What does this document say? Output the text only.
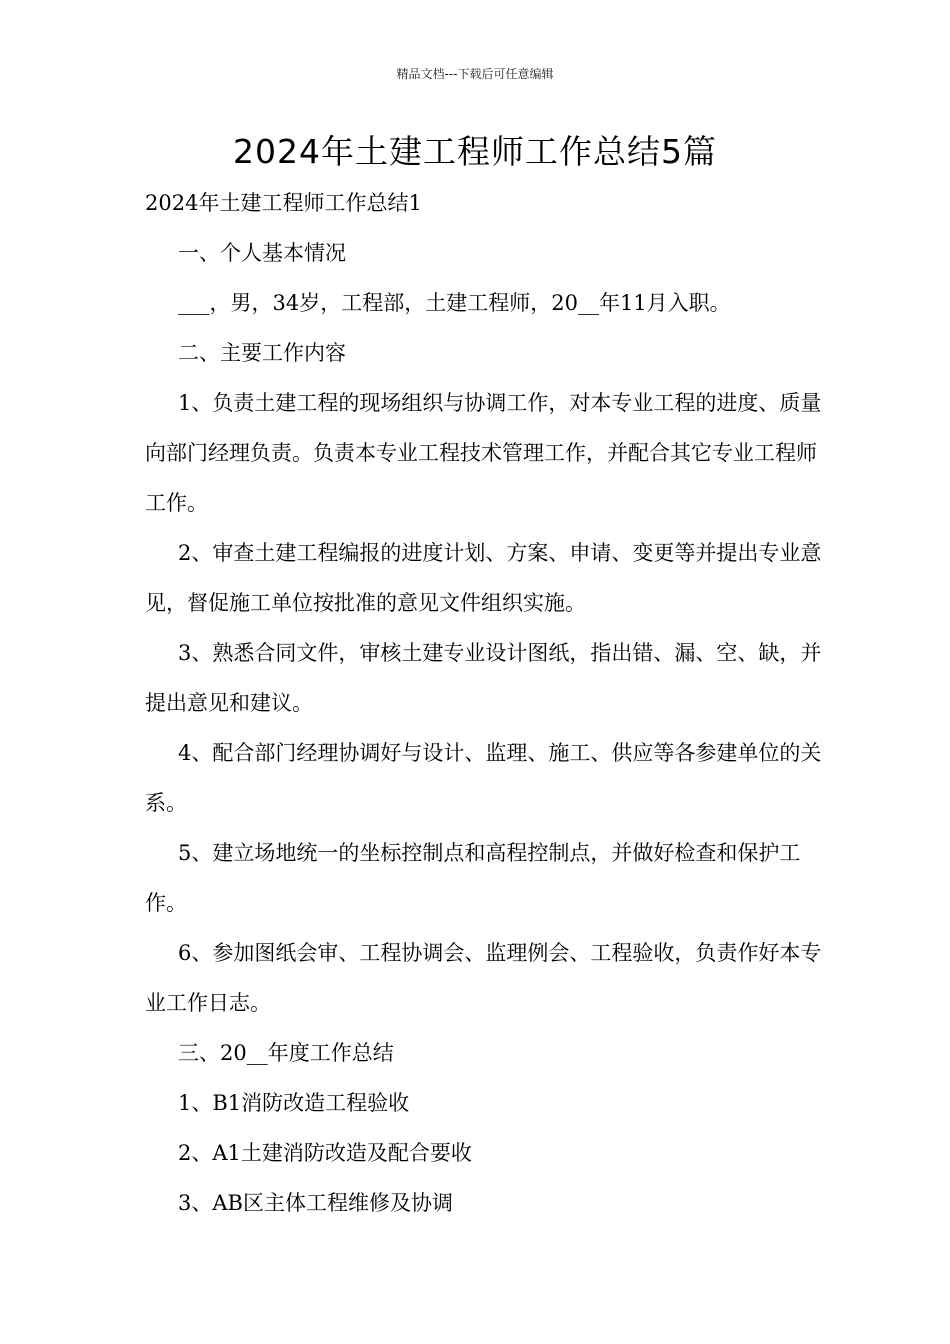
精品文档---下载后可任意编辑
2024年土建工程师工作总结5篇

2024年土建工程师工作总结1

一、个人基本情况

___，男，34岁，工程部，土建工程师，20__年11月入职。

二、主要工作内容

1、负责土建工程的现场组织与协调工作，对本专业工程的进度、质量向部门经理负责。负责本专业工程技术管理工作，并配合其它专业工程师工作。

2、审查土建工程编报的进度计划、方案、申请、变更等并提出专业意见，督促施工单位按批准的意见文件组织实施。

3、熟悉合同文件，审核土建专业设计图纸，指出错、漏、空、缺，并提出意见和建议。

4、配合部门经理协调好与设计、监理、施工、供应等各参建单位的关系。

5、建立场地统一的坐标控制点和高程控制点，并做好检查和保护工作。

6、参加图纸会审、工程协调会、监理例会、工程验收，负责作好本专业工作日志。

三、20__年度工作总结

1、B1消防改造工程验收

2、A1土建消防改造及配合要收

3、AB区主体工程维修及协调
